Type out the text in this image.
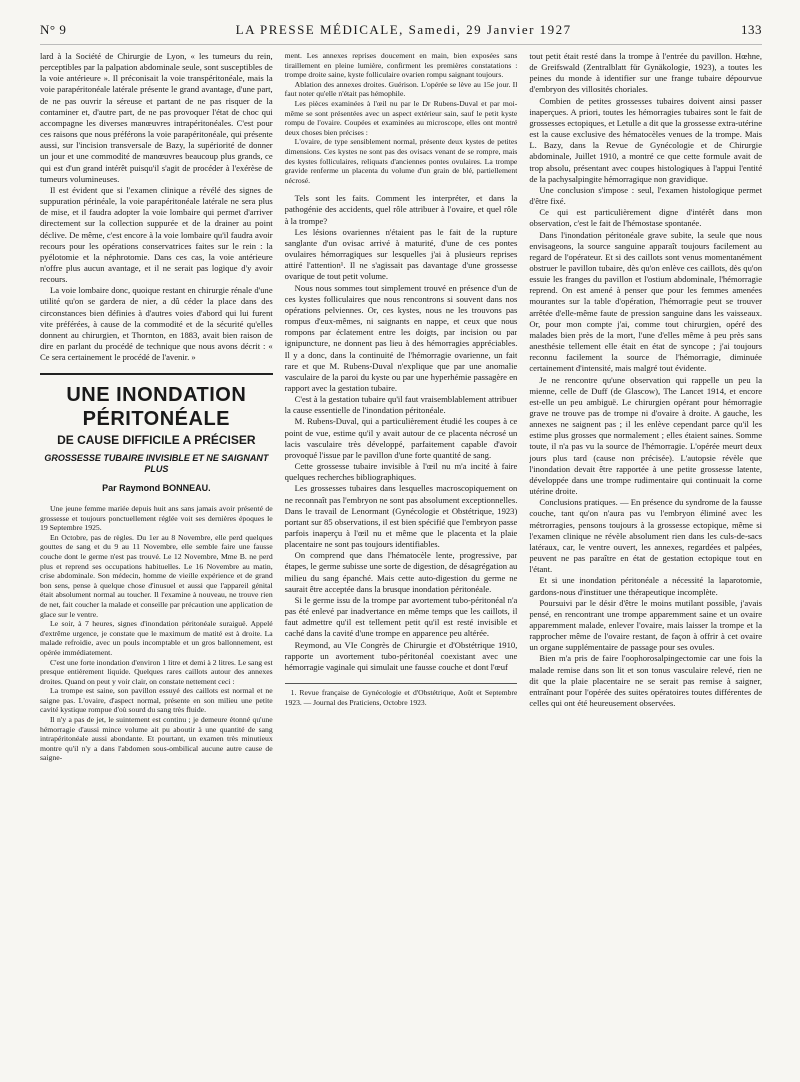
N° 9	LA PRESSE MÉDICALE, Samedi, 29 Janvier 1927	133

lard à la Société de Chirurgie de Lyon, « les tumeurs du rein, perceptibles par la palpation abdominale seule, sont susceptibles de la voie antérieure ». Il préconisait la voie transpéritonéale, mais la voie parapéritonéale latérale présente le grand avantage, d'une part, de ne pas ouvrir la séreuse et partant de ne pas risquer de la contaminer et, d'autre part, de ne pas provoquer l'état de choc qui accompagne les diverses manœuvres intrapéritonéales. C'est pour ces raisons que nous préférons la voie parapéritonéale, qui présente aussi, sur l'incision transversale de Bazy, la supériorité de donner un jour et une commodité de manœuvres beaucoup plus grands, ce qui est d'un grand intérêt puisqu'il s'agit de procéder à l'exérèse de tumeurs volumineuses.

Il est évident que si l'examen clinique a révélé des signes de suppuration périnéale, la voie parapéritonéale latérale ne sera plus de mise, et il faudra adopter la voie lombaire qui permet d'arriver directement sur la collection suppurée et de la drainer au point déclive. De même, c'est encore à la voie lombaire qu'il faudra avoir recours pour les opérations conservatrices faites sur le rein : la pyélotomie et la néphrotomie. Dans ces cas, la voie antérieure n'offre plus aucun avantage, et il ne serait pas logique d'y avoir recours.

La voie lombaire donc, quoique restant en chirurgie rénale d'une utilité qu'on se gardera de nier, a dû céder la place dans des circonstances bien définies à d'autres voies d'abord qui lui furent vite préférées, à cause de la commodité et de la sécurité qu'elles donnent au chirurgien, et Thornton, en 1883, avait bien raison de dire en parlant du procédé de technique que nous avons décrit : « Ce sera certainement le procédé de l'avenir. »

UNE INONDATION PÉRITONÉALE
DE CAUSE DIFFICILE A PRÉCISER
GROSSESSE TUBAIRE INVISIBLE ET NE SAIGNANT PLUS
Par Raymond BONNEAU.

Une jeune femme mariée depuis huit ans sans jamais avoir présenté de grossesse et toujours ponctuellement réglée voit ses dernières époques le 19 Septembre 1925.

En Octobre, pas de règles. Du 1er au 8 Novembre, elle perd quelques gouttes de sang et du 9 au 11 Novembre, elle semble faire une fausse couche dont le germe n'est pas trouvé. Le 12 Novembre, Mme B. ne perd plus et reprend ses occupations habituelles. Le 16 Novembre au matin, crise abdominale. Son médecin, homme de vieille expérience et de grand bon sens, pense à quelque chose d'inusuel et aussi que l'appareil génital était absolument normal au toucher. Il l'examine à nouveau, ne trouve rien de net, fait coucher la malade et conseille par précaution une application de glace sur le ventre.

Le soir, à 7 heures, signes d'inondation péritonéale suraiguë. Appelé d'extrême urgence, je constate que le maximum de matité est à droite. La malade refroidie, avec un pouls incomptable et un gros ballonnement, est opérée immédiatement.

C'est une forte inondation d'environ 1 litre et demi à 2 litres. Le sang est presque entièrement liquide. Quelques rares caillots autour des annexes droites. Quand on peut y voir clair, on constate nettement ceci :

La trompe est saine, son pavillon essuyé des caillots est normal et ne saigne pas. L'ovaire, d'aspect normal, présente en son milieu une petite cavité kystique rompue d'où sourd du sang très fluide.

Il n'y a pas de jet, le suintement est continu ; je demeure étonné qu'une hémorragie d'aussi mince volume ait pu aboutir à une quantité de sang intrapéritonéale aussi abondante. Et pourtant, un examen très minutieux montre qu'il n'y a dans l'abdomen sous-ombilical aucune autre cause de saigne-

ment. Les annexes reprises doucement en main, bien exposées sans tiraillement en pleine lumière, confirment les premières constatations : trompe droite saine, kyste folliculaire ovarien rompu saignant toujours.

Ablation des annexes droites. Guérison. L'opérée se lève au 15e jour. Il faut noter qu'elle n'était pas hémophile.

Les pièces examinées à l'œil nu par le Dr Rubens-Duval et par moi-même se sont présentées avec un aspect extérieur sain, sauf le petit kyste rompu de l'ovaire. Coupées et examinées au microscope, elles ont montré deux choses bien précises :

L'ovaire, de type sensiblement normal, présente deux kystes de petites dimensions. Ces kystes ne sont pas des ovisacs venant de se rompre, mais des kystes folliculaires, reliquats d'anciennes pontes ovulaires. La trompe gravide renferme un placenta du volume d'un grain de blé, partiellement nécrosé.

Tels sont les faits. Comment les interpréter, et dans la pathogénie des accidents, quel rôle attribuer à l'ovaire, et quel rôle à la trompe?

Les lésions ovariennes n'étaient pas le fait de la rupture sanglante d'un ovisac arrivé à maturité, d'une de ces pontes ovulaires hémorragiques sur lesquelles j'ai à plusieurs reprises attiré l'attention¹. Il ne s'agissait pas davantage d'une grossesse ovarique de tout petit volume.

Nous nous sommes tout simplement trouvé en présence d'un de ces kystes folliculaires que nous rencontrons si souvent dans nos opérations pelviennes. Or, ces kystes, nous ne les trouvons pas rompus d'eux-mêmes, ni saignants en nappe, et ceux que nous rompons par éclatement entre les doigts, par incision ou par ignipuncture, ne donnent pas lieu à des hémorragies appréciables. Il y a donc, dans la continuité de l'hémorragie ovarienne, un fait rare et que M. Rubens-Duval n'explique que par une anomalie vasculaire de la paroi du kyste ou par une hyperhémie passagère en rapport avec la gestation tubaire.

C'est à la gestation tubaire qu'il faut vraisemblablement attribuer la cause essentielle de l'inondation péritonéale.

M. Rubens-Duval, qui a particulièrement étudié les coupes à ce point de vue, estime qu'il y avait autour de ce placenta nécrosé un lacis vasculaire très développé, parfaitement capable d'avoir provoqué l'issue par le pavillon d'une forte quantité de sang.

Cette grossesse tubaire invisible à l'œil nu m'a incité à faire quelques recherches bibliographiques.

Les grossesses tubaires dans lesquelles macroscopiquement on ne reconnaît pas l'embryon ne sont pas absolument exceptionnelles. Dans le travail de Lenormant (Gynécologie et Obstétrique, 1923) portant sur 85 observations, il est bien spécifié que l'embryon passe parfois inaperçu à l'œil nu et même que le placenta et la plaie placentaire ne sont pas toujours identifiables.

On comprend que dans l'hématocèle lente, progressive, par étapes, le germe subisse une sorte de digestion, de désagrégation au milieu du sang épanché. Mais cette auto-digestion du germe ne saurait être acceptée dans la brusque inondation péritonéale.

Si le germe issu de la trompe par avortement tubo-péritonéal n'a pas été enlevé par inadvertance en même temps que les caillots, il faut admettre qu'il est tellement petit qu'il est resté invisible et caché dans la cavité d'une trompe en apparence peu altérée.

Reymond, au VIe Congrès de Chirurgie et d'Obstétrique 1910, rapporte un avortement tubo-péritonéal coexistant avec une hémorragie vaginale qui simulait une fausse couche et dont l'œuf

1. Revue française de Gynécologie et d'Obstétrique, Août et Septembre 1923. — Journal des Praticiens, Octobre 1923.

tout petit était resté dans la trompe à l'entrée du pavillon. Hœhne, de Greifswald (Zentralblatt für Gynäkologie, 1923), a toutes les peines du monde à identifier sur une frange tubaire dépourvue d'embryon des villosités choriales.

Combien de petites grossesses tubaires doivent ainsi passer inaperçues. A priori, toutes les hémorragies tubaires sont le fait de grossesses ectopiques, et Letulle a dit que la grossesse extra-utérine est la cause exclusive des hématocèles venues de la trompe. Mais L. Bazy, dans la Revue de Gynécologie et de Chirurgie abdominale, Juillet 1910, a montré ce que cette formule avait de trop absolu, présentant avec coupes histologiques à l'appui l'entité de la pachysalpingite hémorragique non gravidique.

Une conclusion s'impose : seul, l'examen histologique permet d'être fixé.

Ce qui est particulièrement digne d'intérêt dans mon observation, c'est le fait de l'hémostase spontanée.

Dans l'inondation péritonéale grave subite, la seule que nous envisageons, la source sanguine apparaît toujours facilement au regard de l'opérateur. Et si des caillots sont venus momentanément obstruer le pavillon tubaire, dès qu'on enlève ces caillots, dès qu'on essuie les franges du pavillon et l'ostium abdominale, l'hémorragie reprend. On est amené à penser que pour les femmes amenées mourantes sur la table d'opération, l'hémorragie peut se trouver arrêtée d'elle-même faute de pression sanguine dans les vaisseaux. Or, pour mon compte j'ai, comme tout chirurgien, opéré des malades bien près de la mort, l'une d'elles même à peu près sans anesthésie tellement elle était en état de syncope ; j'ai toujours reconnu facilement la source de l'hémorragie, diminuée certainement d'intensité, mais malgré tout évidente.

Je ne rencontre qu'une observation qui rappelle un peu la mienne, celle de Duff (de Glascow), The Lancet 1914, et encore est-elle un peu ambiguë. Le chirurgien opérant pour hémorragie grave ne trouve pas de trompe ni d'ovaire à droite. A gauche, les annexes ne saignent pas ; il les enlève cependant parce qu'il les estime plus grosses que normalement ; elles étaient saines. Somme toute, il n'a pas vu la source de l'hémorragie. L'opérée meurt deux jours plus tard (cause non précisée). L'autopsie révèle que l'inondation devait être rapportée à une petite grossesse latente, développée dans une trompe rudimentaire qui continuait la corne utérine droite.

Conclusions pratiques. — En présence du syndrome de la fausse couche, tant qu'on n'aura pas vu l'embryon éliminé avec les métrorragies, pensons toujours à la grossesse ectopique, même si l'examen clinique ne révèle absolument rien dans les culs-de-sacs latéraux, car, le ventre ouvert, les annexes, regardées et palpées, peuvent ne pas paraître en état de gestation ectopique tout en l'étant.

Et si une inondation péritonéale a nécessité la laparotomie, gardons-nous d'instituer une thérapeutique incomplète.

Poursuivi par le désir d'être le moins mutilant possible, j'avais pensé, en rencontrant une trompe apparemment saine et un ovaire apparemment malade, enlever l'ovaire, mais laisser la trompe et la rapprocher même de l'ovaire restant, de façon à offrir à cet ovaire un organe supplémentaire de passage pour ses ovules.

Bien m'a pris de faire l'oophorosalpingectomie car une fois la malade remise dans son lit et son tonus vasculaire relevé, rien ne dit que la plaie placentaire ne se serait pas remise à saigner, entraînant pour l'opérée des suites opératoires toutes différentes de celles qui ont été heureusement observées.
